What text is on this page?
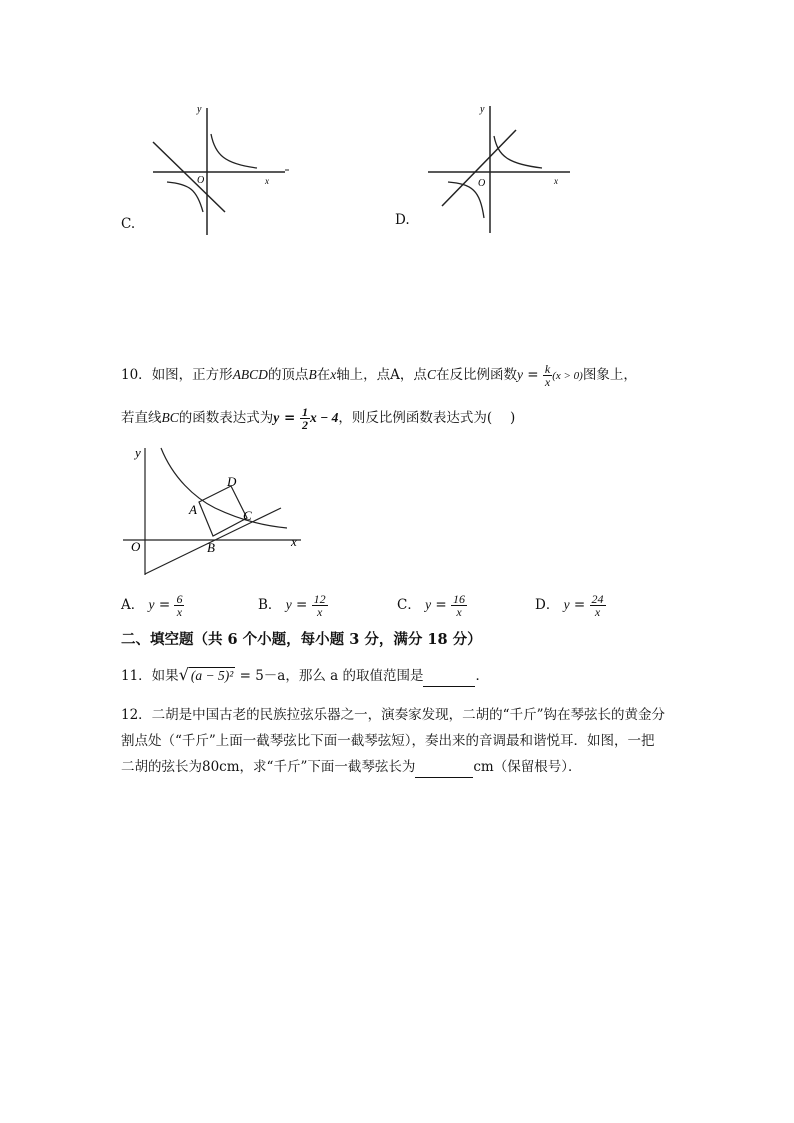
C.
y
O	x
D.
y
O	x
10．如图，正方形ABCD的顶点B在x轴上，点A，点C在反比例函数$y = \frac{k}{x} (x > 0)$图象上，
若直线BC的函数表达式为$y = \frac{1}{2}$ x − 4，则反比例函数表达式为(　 )
y
x
O
A
B
C
D
A． $y = \frac{6}{x}$	B． $y = \frac{12}{x}$	C． $y = \frac{16}{x}$	D． $y = \frac{24}{x}$
二、填空题（共 6 个小题，每小题 3 分，满分 18 分）
11．如果√ (a − 5)² = 5－a，那么 a 的取值范围是	．
12．二胡是中国古老的民族拉弦乐器之一，演奏家发现，二胡的“千斤”钩在琴弦长的黄金分
割点处（“千斤”上面一截琴弦比下面一截琴弦短），奏出来的音调最和谐悦耳．如图，一把
二胡的弦长为80cm，求“千斤”下面一截琴弦长为	cm（保留根号）．
